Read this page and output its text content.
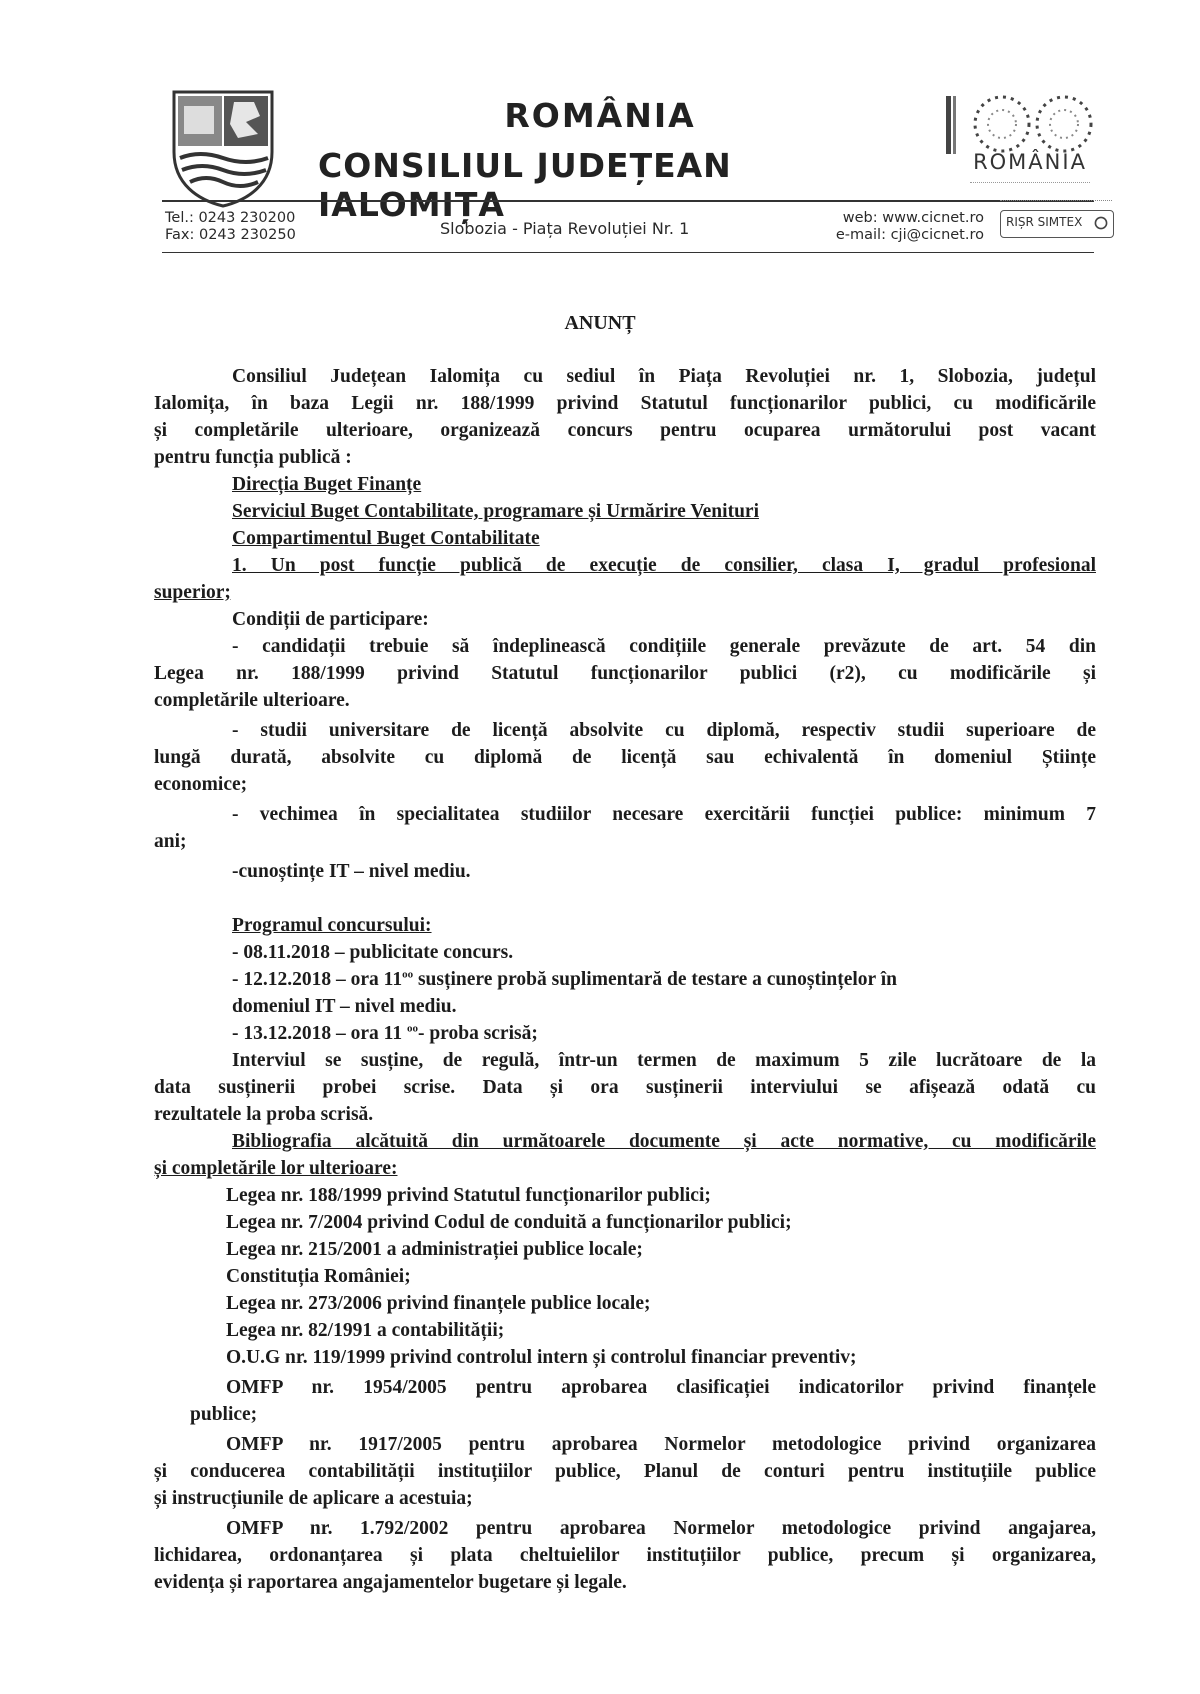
ROMÂNIA
CONSILIUL JUDEȚEAN IALOMIȚA
ROMÂNIA
Tel.: 0243 230200
Fax: 0243 230250	Slobozia - Piața Revoluției Nr. 1
web: www.cicnet.ro
e-mail: cji@cicnet.ro
RIȘR SIMTEX
ANUNȚ
Consiliul Județean Ialomița cu sediul în Piața Revoluției nr. 1, Slobozia, județul
Ialomița, în baza Legii nr. 188/1999 privind Statutul funcționarilor publici, cu modificările
și completările ulterioare, organizează concurs pentru ocuparea următorului post vacant
pentru funcția publică :
Direcția Buget Finanțe
Serviciul Buget Contabilitate, programare și Urmărire Venituri
Compartimentul Buget Contabilitate
1. Un post funcție publică de execuție de consilier, clasa I, gradul profesional
superior;
Condiții de participare:
- candidații trebuie să îndeplinească condițiile generale prevăzute de art. 54 din
Legea nr. 188/1999 privind Statutul funcționarilor publici (r2), cu modificările și
completările ulterioare.
- studii universitare de licență absolvite cu diplomă, respectiv studii superioare de
lungă durată, absolvite cu diplomă de licență sau echivalentă în domeniul Științe
economice;
- vechimea în specialitatea studiilor necesare exercitării funcției publice: minimum 7
ani;
-cunoștințe IT – nivel mediu.
Programul concursului:
- 08.11.2018 – publicitate concurs.
- 12.12.2018 – ora $11^{oo}$ susținere probă suplimentară de testare a cunoștințelor în
domeniul IT – nivel mediu.
- 13.12.2018 – ora 11 $^{oo}$- proba scrisă;
Interviul se susține, de regulă, într-un termen de maximum 5 zile lucrătoare de la
data susținerii probei scrise. Data și ora susținerii interviului se afișează odată cu
rezultatele la proba scrisă.
Bibliografia alcătuită din următoarele documente și acte normative, cu modificările
și completările lor ulterioare:
Legea nr. 188/1999 privind Statutul funcționarilor publici;
Legea nr. 7/2004 privind Codul de conduită a funcționarilor publici;
Legea nr. 215/2001 a administrației publice locale;
Constituția României;
Legea nr. 273/2006 privind finanțele publice locale;
Legea nr. 82/1991 a contabilității;
O.U.G nr. 119/1999 privind controlul intern și controlul financiar preventiv;
OMFP nr. 1954/2005 pentru aprobarea clasificației indicatorilor privind finanțele
publice;
OMFP nr. 1917/2005 pentru aprobarea Normelor metodologice privind organizarea
și conducerea contabilității instituțiilor publice, Planul de conturi pentru instituțiile publice
și instrucțiunile de aplicare a acestuia;
OMFP nr. 1.792/2002 pentru aprobarea Normelor metodologice privind angajarea,
lichidarea, ordonanțarea și plata cheltuielilor instituțiilor publice, precum și organizarea,
evidența și raportarea angajamentelor bugetare și legale.
